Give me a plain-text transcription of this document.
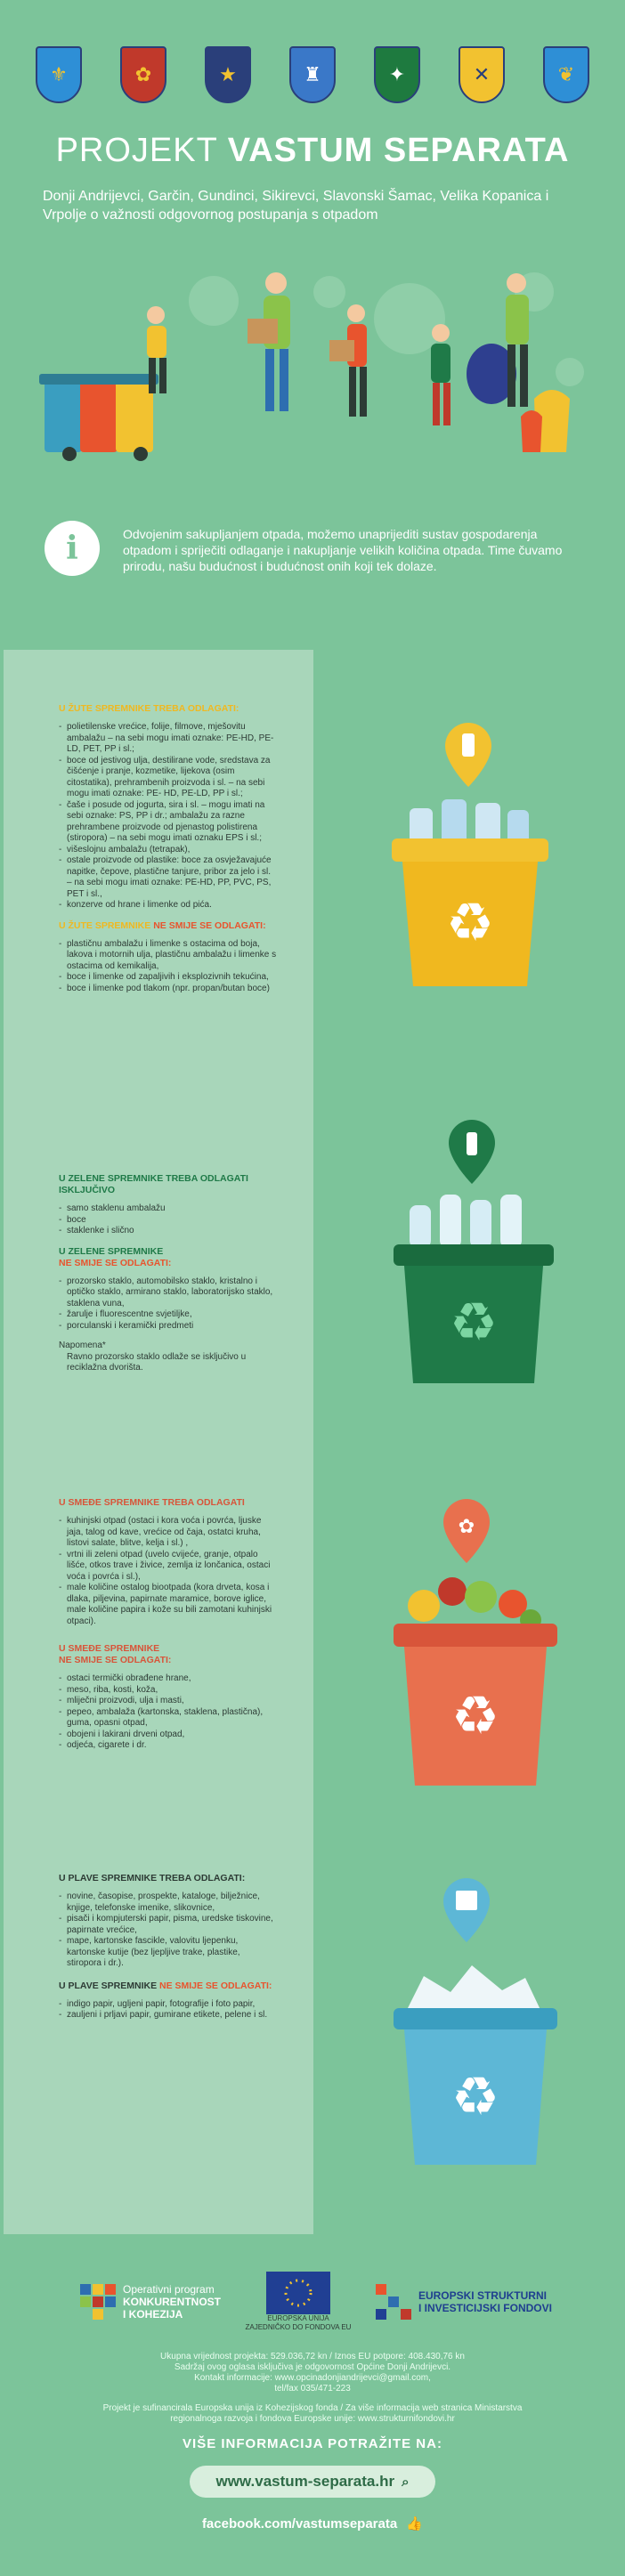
⚜	✿	★	♜	✦	✕	❦
PROJEKT VASTUM SEPARATA
Donji Andrijevci, Garčin, Gundinci, Sikirevci, Slavonski Šamac, Velika Kopanica i Vrpolje o važnosti odgovornog postupanja s otpadom
i	Odvojenim sakupljanjem otpada, možemo unaprijediti sustav gospodarenja otpadom i spriječiti odlaganje i nakupljanje velikih količina otpada. Time čuvamo prirodu, našu budućnost i budućnost onih koji tek dolaze.
U ŽUTE SPREMNIKE TREBA ODLAGATI:
- polietilenske vrećice, folije, filmove, mješovitu ambalažu – na sebi mogu imati oznake: PE-HD, PE-LD, PET, PP i sl.;
- boce od jestivog ulja, destilirane vode, sredstava za čišćenje i pranje, kozmetike, lijekova (osim citostatika), prehrambenih proizvoda i sl. – na sebi mogu imati oznake: PE- HD, PE-LD, PP i sl.;
- čaše i posude od jogurta, sira i sl. – mogu imati na sebi oznake: PS, PP i dr.; ambalažu za razne prehrambene proizvode od pjenastog polistirena (stiropora) – na sebi mogu imati oznaku EPS i sl.;
- višeslojnu ambalažu (tetrapak),
- ostale proizvode od plastike: boce za osvježavajuće napitke, čepove, plastične tanjure, pribor za jelo i sl. – na sebi mogu imati oznake: PE-HD, PP, PVC, PS, PET i sl.,
- konzerve od hrane i limenke od pića.
U ŽUTE SPREMNIKE NE SMIJE SE ODLAGATI:
- plastičnu ambalažu i limenke s ostacima od boja, lakova i motornih ulja, plastičnu ambalažu i limenke s ostacima od kemikalija,
- boce i limenke od zapaljivih i eksplozivnih tekućina,
- boce i limenke pod tlakom (npr. propan/butan boce)
U ZELENE SPREMNIKE TREBA ODLAGATI ISKLJUČIVO
- samo staklenu ambalažu
- boce
- staklenke i slično
U ZELENE SPREMNIKE
NE SMIJE SE ODLAGATI:
- prozorsko staklo, automobilsko staklo, kristalno i optičko staklo, armirano staklo, laboratorijsko staklo, staklena vuna,
- žarulje i fluorescentne svjetiljke,
- porculanski i keramički predmeti
Napomena*
Ravno prozorsko staklo odlaže se isključivo u reciklažna dvorišta.
U SMEĐE SPREMNIKE TREBA ODLAGATI
- kuhinjski otpad (ostaci i kora voća i povrća, ljuske jaja, talog od kave, vrećice od čaja, ostatci kruha, listovi salate, blitve, kelja i sl.) ,
- vrtni ili zeleni otpad (uvelo cvijeće, granje, otpalo lišće, otkos trave i živice, zemlja iz lončanica, ostaci voća i povrća i sl.),
- male količine ostalog biootpada (kora drveta, kosa i dlaka, piljevina, papirnate maramice, borove iglice, male količine papira i kože su bili zamotani kuhinjski otpaci).
U SMEĐE SPREMNIKE
NE SMIJE SE ODLAGATI:
- ostaci termički obrađene hrane,
- meso, riba, kosti, koža,
- mliječni proizvodi, ulja i masti,
- pepeo, ambalaža (kartonska, staklena, plastična), guma, opasni otpad,
- obojeni i lakirani drveni otpad,
- odjeća, cigarete i dr.
U PLAVE SPREMNIKE TREBA ODLAGATI:
- novine, časopise, prospekte, kataloge, bilježnice, knjige, telefonske imenike, slikovnice,
- pisači i kompjuterski papir, pisma, uredske tiskovine, papirnate vrećice,
- mape, kartonske fascikle, valovitu ljepenku, kartonske kutije (bez ljepljive trake, plastike, stiropora i dr.).
U PLAVE SPREMNIKE NE SMIJE SE ODLAGATI:
- indigo papir, ugljeni papir, fotografije i foto papir,
- zauljeni i prljavi papir, gumirane etikete, pelene i sl.
♻
♻
✿
♻
♻
Operativni program
KONKURENTNOST
I KOHEZIJA	EUROPSKA UNIJA
ZAJEDNIČKO DO FONDOVA EU
EUROPSKI STRUKTURNI
I INVESTICIJSKI FONDOVI
Ukupna vrijednost projekta: 529.036,72 kn / Iznos EU potpore: 408.430,76 kn
Sadržaj ovog oglasa isključiva je odgovornost Općine Donji Andrijevci.
Kontakt informacije: www.opcinadonjiandrijevci@gmail.com,
tel/fax 035/471-223
Projekt je sufinancirala Europska unija iz Kohezijskog fonda / Za više informacija web stranica Ministarstva
regionalnoga razvoja i fondova Europske unije: www.strukturnifondovi.hr
VIŠE INFORMACIJA POTRAŽITE NA:
www.vastum-separata.hr ⌕
facebook.com/vastumseparata 👍
